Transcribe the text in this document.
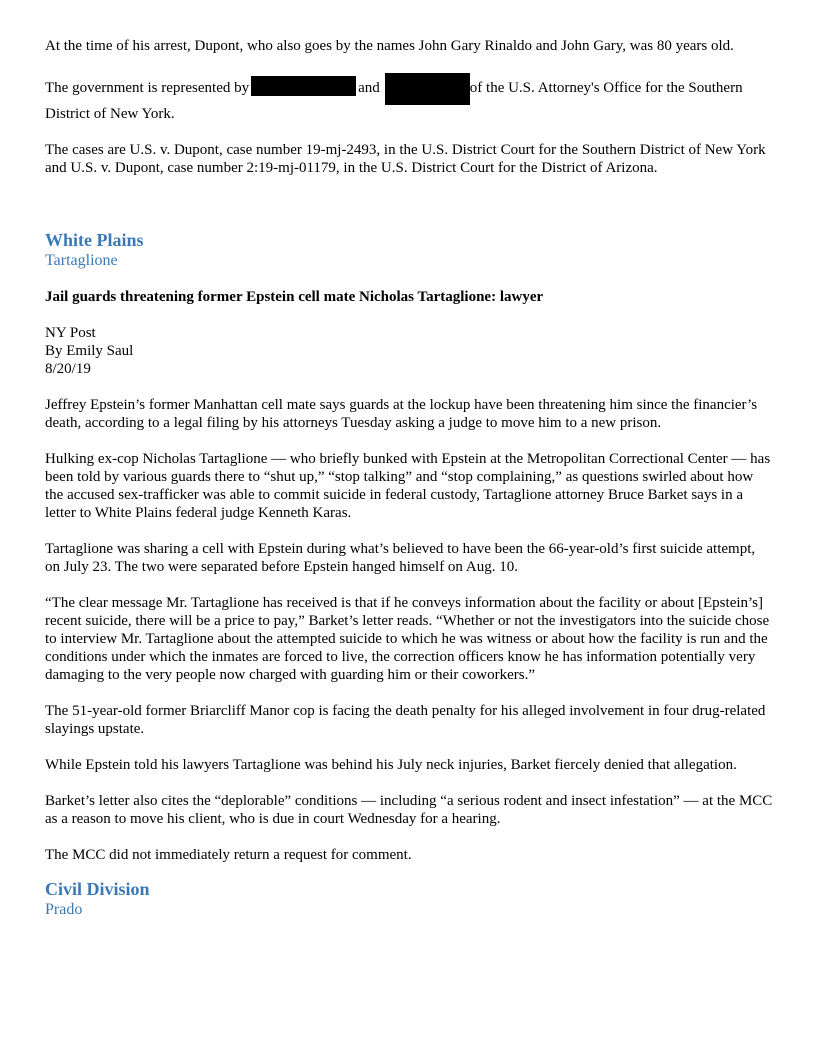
At the time of his arrest, Dupont, who also goes by the names John Gary Rinaldo and John Gary, was 80 years old.

The government is represented by	and	of the U.S. Attorney's Office for the Southern District of New York.

The cases are U.S. v. Dupont, case number 19-mj-2493, in the U.S. District Court for the Southern District of New York and U.S. v. Dupont, case number 2:19-mj-01179, in the U.S. District Court for the District of Arizona.

White Plains
Tartaglione

Jail guards threatening former Epstein cell mate Nicholas Tartaglione: lawyer

NY Post

By Emily Saul

8/20/19

Jeffrey Epstein’s former Manhattan cell mate says guards at the lockup have been threatening him since the financier’s death, according to a legal filing by his attorneys Tuesday asking a judge to move him to a new prison.

Hulking ex-cop Nicholas Tartaglione — who briefly bunked with Epstein at the Metropolitan Correctional Center — has been told by various guards there to “shut up,” “stop talking” and “stop complaining,” as questions swirled about how the accused sex-trafficker was able to commit suicide in federal custody, Tartaglione attorney Bruce Barket says in a letter to White Plains federal judge Kenneth Karas.

Tartaglione was sharing a cell with Epstein during what’s believed to have been the 66-year-old’s first suicide attempt, on July 23. The two were separated before Epstein hanged himself on Aug. 10.

“The clear message Mr. Tartaglione has received is that if he conveys information about the facility or about [Epstein’s] recent suicide, there will be a price to pay,” Barket’s letter reads. “Whether or not the investigators into the suicide chose to interview Mr. Tartaglione about the attempted suicide to which he was witness or about how the facility is run and the conditions under which the inmates are forced to live, the correction officers know he has information potentially very damaging to the very people now charged with guarding him or their coworkers.”

The 51-year-old former Briarcliff Manor cop is facing the death penalty for his alleged involvement in four drug-related slayings upstate.

While Epstein told his lawyers Tartaglione was behind his July neck injuries, Barket fiercely denied that allegation.

Barket’s letter also cites the “deplorable” conditions — including “a serious rodent and insect infestation” — at the MCC as a reason to move his client, who is due in court Wednesday for a hearing.

The MCC did not immediately return a request for comment.

Civil Division
Prado
